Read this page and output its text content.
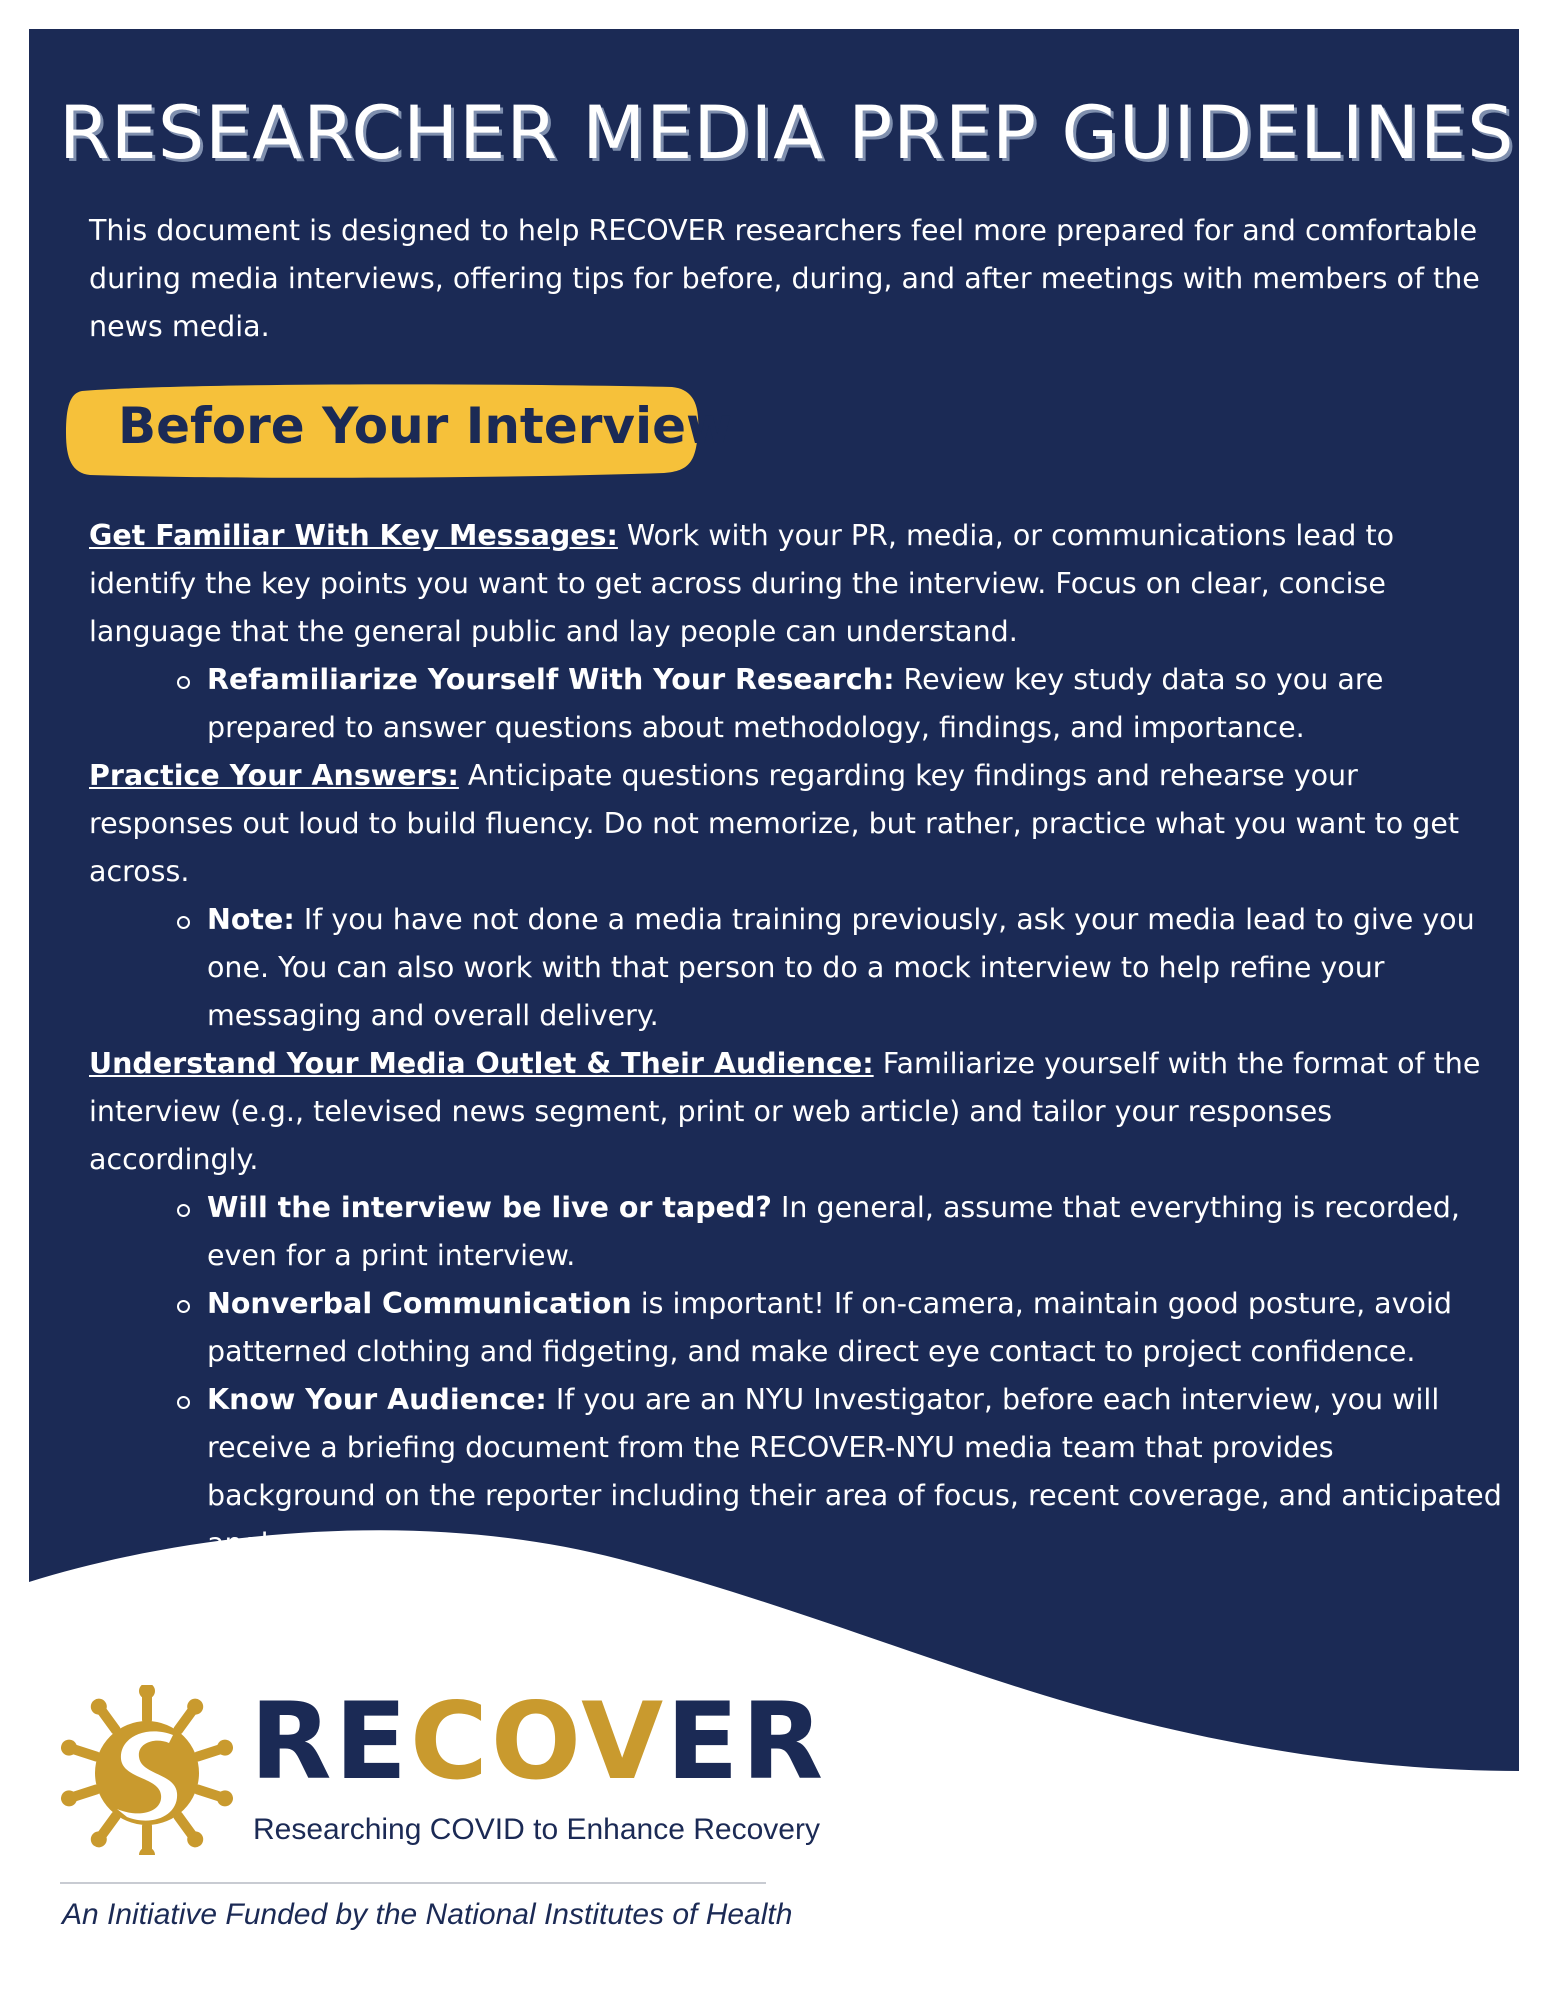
RESEARCHER MEDIA PREP GUIDELINES
This document is designed to help RECOVER researchers feel more prepared for and comfortable during media interviews, offering tips for before, during, and after meetings with members of the news media.
Before Your Interview

Get Familiar With Key Messages: Work with your PR, media, or communications lead to identify the key points you want to get across during the interview. Focus on clear, concise language that the general public and lay people can understand.

Refamiliarize Yourself With Your Research: Review key study data so you are prepared to answer questions about methodology, findings, and importance.

Practice Your Answers: Anticipate questions regarding key findings and rehearse your responses out loud to build fluency. Do not memorize, but rather, practice what you want to get across.

Note: If you have not done a media training previously, ask your media lead to give you one. You can also work with that person to do a mock interview to help refine your messaging and overall delivery.

Understand Your Media Outlet & Their Audience: Familiarize yourself with the format of the interview (e.g., televised news segment, print or web article) and tailor your responses accordingly.

Will the interview be live or taped? In general, assume that everything is recorded, even for a print interview.
Nonverbal Communication is important! If on-camera, maintain good posture, avoid patterned clothing and fidgeting, and make direct eye contact to project confidence.
Know Your Audience: If you are an NYU Investigator, before each interview, you will receive a briefing document from the RECOVER-NYU media team that provides background on the reporter including their area of focus, recent coverage, and anticipated angle.
RECOVER

Researching COVID to Enhance Recovery

An Initiative Funded by the National Institutes of Health
